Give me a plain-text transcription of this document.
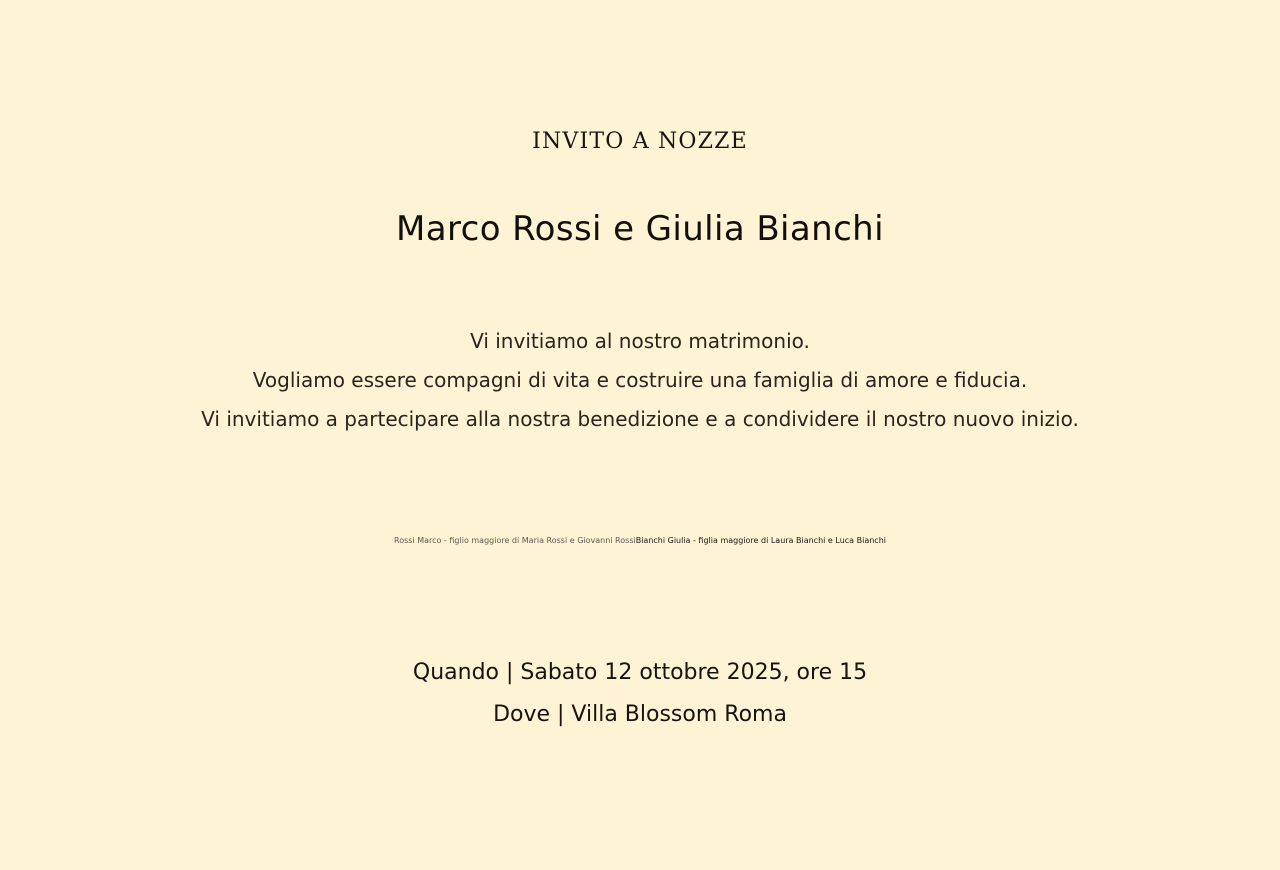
INVITO A NOZZE
Marco Rossi e Giulia Bianchi

Vi invitiamo al nostro matrimonio.

Vogliamo essere compagni di vita e costruire una famiglia di amore e fiducia.

Vi invitiamo a partecipare alla nostra benedizione e a condividere il nostro nuovo inizio.

Rossi Marco - figlio maggiore di Maria Rossi e Giovanni RossiBianchi Giulia - figlia maggiore di Laura Bianchi e Luca Bianchi

Quando | Sabato 12 ottobre 2025, ore 15

Dove | Villa Blossom Roma
